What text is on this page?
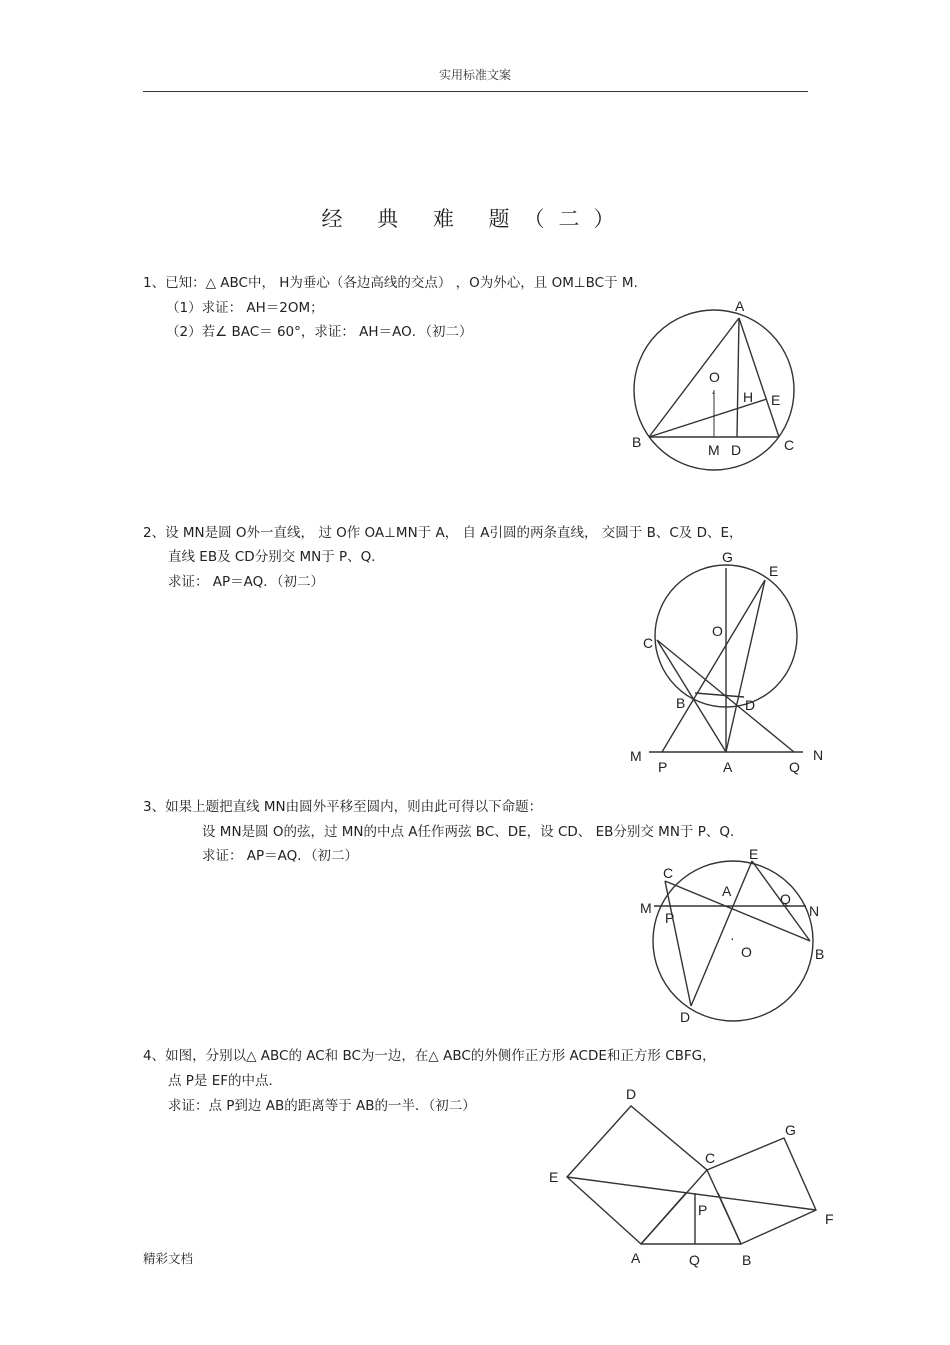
实用标准文案
经 典 难 题（二）
1、已知：△ ABC中， H为垂心（各边高线的交点） ，O为外心，且 OM⊥BC于 M.
（1）求证： AH＝2OM；
（2）若∠ BAC＝ 60°，求证： AH＝AO．（初二）
2、设 MN是圆 O外一直线， 过 O作 OA⊥MN于 A， 自 A引圆的两条直线， 交圆于 B、C及 D、E，
直线 EB及 CD分别交 MN于 P、Q．
求证： AP＝AQ．（初二）
3、如果上题把直线 MN由圆外平移至圆内，则由此可得以下命题：
设 MN是圆 O的弦，过 MN的中点 A任作两弦 BC、DE，设 CD、 EB分别交 MN于 P、Q．
求证： AP＝AQ．（初二）
4、如图，分别以△ ABC的 AC和 BC为一边，在△ ABC的外侧作正方形 ACDE和正方形 CBFG，
点 P是 EF的中点．
求证：点 P到边 AB的距离等于 AB的一半．（初二）
精彩文档
A
O
· H E
B	M D	C
G
E
O
C
B	D
M	N
P	A	Q
E
C
A
·	Q
M	N
P
·
O	B
D
D
G
C
E
P
F
A	Q	B
